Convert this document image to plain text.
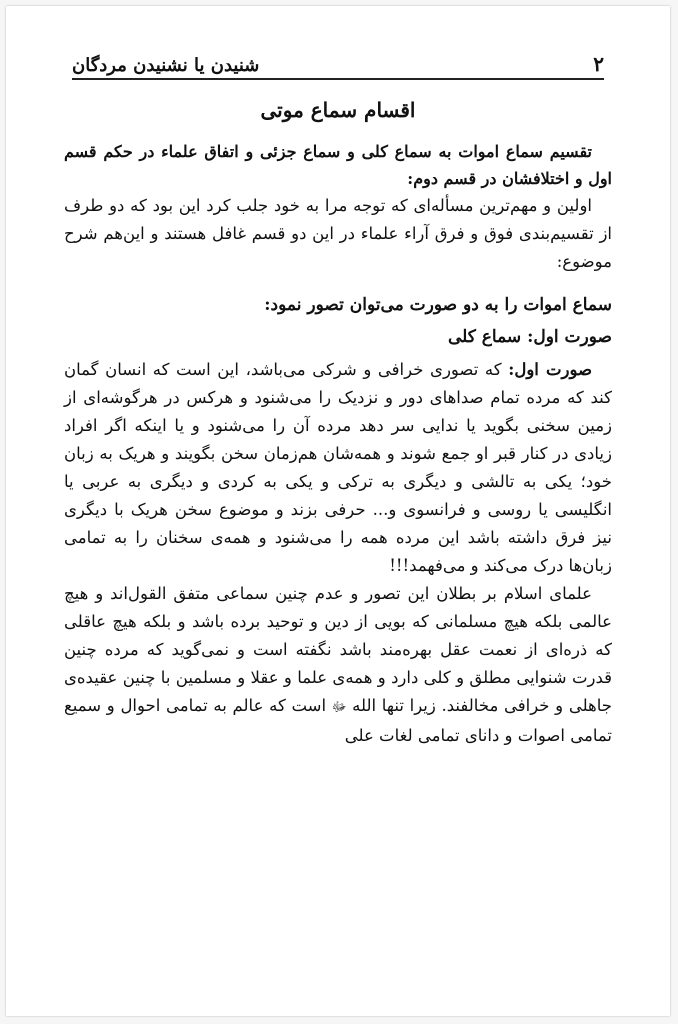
۲
شنیدن یا نشنیدن مردگان
اقسام سماع موتی

تقسیم سماع اموات به سماع کلی و سماع جزئی و اتفاق علماء در حکم قسم اول و اختلافشان در قسم دوم:

اولین و مهم‌ترین مسأله‌ای که توجه مرا به خود جلب کرد این بود که دو طرف از تقسیم‌بندی فوق و فرق آراء علماء در این دو قسم غافل هستند و این‌هم شرح موضوع:

سماع اموات را به دو صورت می‌توان تصور نمود:

صورت اول: سماع کلی

صورت اول: که تصوری خرافی و شرکی می‌باشد، این است که انسان گمان کند که مرده تمام صداهای دور و نزدیک را می‌شنود و هرکس در هرگوشه‌ای از زمین سخنی بگوید یا ندایی سر دهد مرده آن را می‌شنود و یا اینکه اگر افراد زیادی در کنار قبر او جمع شوند و همه‌شان هم‌زمان سخن بگویند و هریک به زبان خود؛ یکی به تالشی و دیگری به ترکی و یکی به کردی و دیگری به عربی یا انگلیسی یا روسی و فرانسوی و... حرفی بزند و موضوع سخن هریک با دیگری نیز فرق داشته باشد این مرده همه را می‌شنود و همه‌ی سخنان را به تمامی زبان‌ها درک می‌کند و می‌فهمد!!!

علمای اسلام بر بطلان این تصور و عدم چنین سماعی متفق القول‌اند و هیچ عالمی بلکه هیچ مسلمانی که بویی از دین و توحید برده باشد و بلکه هیچ عاقلی که ذره‌ای از نعمت عقل بهره‌مند باشد نگفته است و نمی‌گوید که مرده چنین قدرت شنوایی مطلق و کلی دارد و همه‌ی علما و عقلا و مسلمین با چنین عقیده‌ی جاهلی و خرافی مخالفند. زیرا تنها الله ﷻ است که عالم به تمامی احوال و سمیع تمامی اصوات و دانای تمامی لغات علی
